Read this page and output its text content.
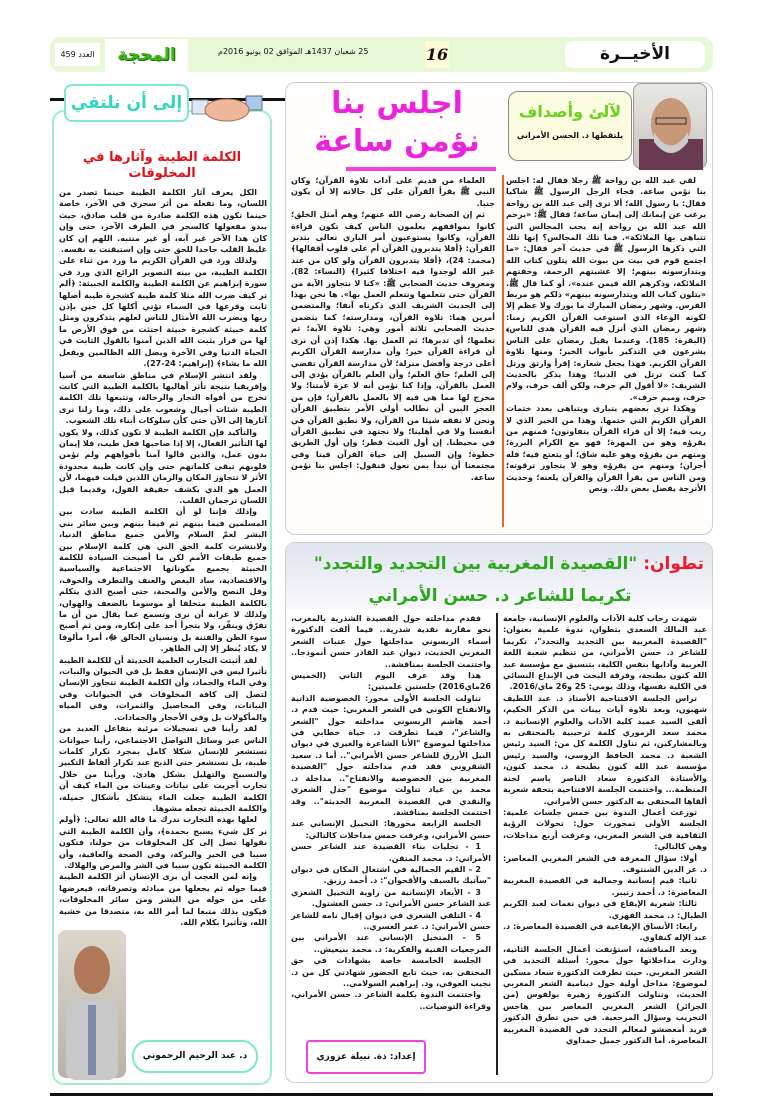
الأخيــرة
16
25 شعبان 1437هـ الموافق 02 يونيو 2016م
المحجة
العدد 459
إلى أن نلتقي
الكلمة الطيبة وآثارها في المخلوقات

الكل يعرف آثار الكلمة الطيبة حينما تصدر من اللسان، وما تفعله من أثر سحري في الآخر، خاصة حينما تكون هذه الكلمة صادرة من قلب صادق، حيث يبدو مفعولها كالسحر في الطرف الآخر، حتى وإن كان هذا الآخر غير آبه، أو غير منتبه. اللهم إن كان غليظ القلب جاحدا للحق حتى وإن استيقنت به نفسه.

ولذلك ورد في القرآن الكريم ما ورد من ثناء على الكلمة الطيبة، من بينه التصوير الرائع الذي ورد في سورة إبراهيم عن الكلمة الطيبة والكلمة الخبيثة: ﴿ألم تر كيف ضرب الله مثلا كلمة طيبة كشجرة طيبة أصلها ثابت وفرعها في السماء تؤتي أكلها كل حين بإذن ربها ويضرب الله الأمثال للناس لعلهم يتذكرون ومثل كلمة خبيثة كشجرة خبيثة اجتثت من فوق الأرض ما لها من قرار يثبت الله الذين آمنوا بالقول الثابت في الحياة الدنيا وفي الآخرة ويضل الله الظالمين ويفعل الله ما يشاء﴾ (إبراهيم: 24-27).

ولقد انتشر الإسلام في مناطق شاسعة من آسيا وإفريقيا نتيجة تأثر أهاليها بالكلمة الطيبة التي كانت تخرج من أفواه التجار والرحالة، وتتبعها تلك الكلمة الطيبة شئات أجيال وشعوب على ذلك، وما زلنا نرى آثارها إلى الآن حتى كأن سلوكات أبناء تلك الشعوب.

والتأكيد فإن الكلمة الطيبة لا تكون كذلك، ولا يكون لها التأثير الفعال، إلا إذا صاحبها فعل طيب، فلا إيمان بدون عمل، والذين قالوا آمنا بأفواههم ولم تؤمن قلوبهم تبقى كلماتهم حتى وإن كانت طيبة محدودة الأثر لا تتجاوز المكان والزمان اللذين قيلت فيهما، لأن العمل هو الذي يكشف حقيقة القول، وقديما قيل اللسان ترجمان القلب.

وإذلك فإننا لو أن الكلمة الطيبة سادت بين المسلمين فيما بينهم ثم فيما بينهم وبين سائر بني البشر لعمّ السلام والأمن جميع مناطق الدنيا، ولانتشرت كلمة الحق التي هي كلمة الإسلام بين جميع طبقات الأمم لكن ما أصبحت السيادة للكلمة الخبيثة بجميع مكوناتها الاجتماعية والسياسية والاقتصادية، ساد البغض والعنف والتطرف والخوف، وقل النصح والأمن والمحبة، حتى أصبح الذي يتكلم بالكلمة الطيبة متخلفا أو موسوما بالضعف والهوان، ولذلك لا غرابة أن نرى وتسمع عما يقال من أن ما تفرّق وينفّر، ولا يتجرأ أحد على إنكاره، ومن ثم أصبح سوء الظن والفتنة بل ونسيان الخالق ﷻ، أمرا مألوفا لا يكاد يُنظر إلا إلى الظاهر.

لقد أثبتت التجارب العلمية الحديثة أن للكلمة الطيبة تأثيرا ليس في الإنسان فقط بل في الحيوان والنبات، وفي الماء والجماد، وأن الكلمة الطيبة تتجاوز الإنسان لتصل إلى كافة المخلوقات في الحيوانات وفي النباتات، وفي المحاصيل والثمرات، وفي المياه والمأكولات بل وفي الأحجار والجمادات.

لقد رأينا في تسجيلات مرئية بتفاعل العديد من الناس عبر وسائل التواصل الاجتماعي، رأينا حيوانات تستشعر للإنسان شكلا كامل بمجرد تكرار كلمات طيبة، بل تستشعر حتى الذبح عند تكرار ألفاظ التكبير والتسبيح والتهليل بشكل هادئ. ورأينا من خلال تجارب أجريت على نباتات وعينات من الماء كيف أن الكلمة الطيبة جعلت الماء يتشكل بأشكال جميلة، والكلمة الخبيثة تجعله مشوها.

لعلها بهذه التجارب ندرك ما قاله الله تعالى: ﴿أولم نر كل شيء يسبح بحمده﴾، وأن الكلمة الطيبة التي نقولها تصل إلى كل المخلوقات من حولنا، فتكون سببا في الخير والبركة، وفي الصحة والعافية، وأن الكلمة الخبيثة تكون سببا في الشر والمرض والهلاك.

وإنه لمن العجب أن يرى الإنسان أثر الكلمة الطيبة فيما حوله ثم يجعلها من مبادئه وتصرفاته، فيعرضها على من حوله من البشر ومن سائر المخلوقات، فيكون بذلك متبعا لما أمر الله به، متصدقا من خشية الله، وتأثيرا بكلام الله.

د. عبد الرحيم الرحموني
لآلئ وأصداف
يلتقطها د. الحسن الأمراني
اجلس بنا نؤمن ساعة

لقي عبد الله بن رواحة ﷺ رجلا فقال له: اجلس بنا نؤمن ساعة. فجاء الرجل الرسول ﷺ شاكيا فقال: يا رسول الله؛ ألا ترى إلى عبد الله بن رواحة يرغب عن إيمانك إلى إيمان ساعة؛ فقال ﷺ: «يرحم الله عبد الله بن رواحة إنه يحب المجالس التي تتباهى بها الملائكة». فما تلك المجالس؟ إنها تلك التي ذكرها الرسول ﷺ في حديث آخر فقال: «ما اجتمع قوم في بيت من بيوت الله يتلون كتاب الله ويتدارسونه بينهم؛ إلا غشيتهم الرحمة، وحفتهم الملائكة، وذكرهم الله فيمن عنده». أو كما قال ﷺ. «يتلون كتاب الله ويتدارسونه بينهم» ذلكم هو مربط الفرس. وشهر رمضان المبارك ما بورك ولا عظم إلا لكونه الوعاء الذي استوعب القرآن الكريم زمنا: ﴿شهر رمضان الذي أنزل فيه القرآن هدى للناس﴾ (البقرة: 185). وعندما يقبل رمضان على الناس يشرعون في التذكير بأبواب الخير؛ ومنها تلاوة القرآن الكريم. فهذا يجعل شعاره: إقرأ وارتق ورتل كما كنت ترتل في الدنيا؛ وهذا يذكر بالحديث الشريف: «لا أقول الم حرف، ولكن ألف حرف، ولام حرف، وميم حرف».

وهكذا ترى بعضهم يتبارى ويتباهى بعدد ختمات القرآن الكريم التي ختمها. وهذا من الخير الذي لا ريب فيه؛ إلا أن قراء القرآن يتفاوتون؛ فمنهم من يقرؤه وهو من المهرة؛ فهو مع الكرام البررة؛ ومنهم من يقرؤه وهو عليه شاق؛ أو يتعتع فيه؛ فله أجران؛ ومنهم من يقرؤه وهو لا يتجاوز ترقوته؛ ومن الناس من يقرأ القرآن والقرآن يلعنه؛ وحديث الأترجة يفصل بعض ذلك. ونص

العلماء من قديم على آداب تلاوة القرآن؛ وكان النبي ﷺ يقرأ القرآن على كل حالاته إلا أن يكون جنبا.

ثم إن الصحابة رضي الله عنهم؛ وهم أمثل الخلق؛ كانوا بمواقفهم يعلمون الناس كيف تكون قراءة القرآن، وكانوا يستوعبون أمر الباري تعالى بتدبر القرآن: ﴿أفلا يتدبرون القرآن أم على قلوب أقفالها﴾ (محمد: 24)، ﴿أفلا يتدبرون القرآن ولو كان من عند غير الله لوجدوا فيه اختلافا كثيرا﴾ (النساء: 82). ومعروف حديث الصحابي ﷺ: «كنا لا نتجاوز الآية من القرآن حتى نتعلمها ونتعلم العمل بها». ها نحن بهذا إلى الحديث الشريف الذي ذكرناه آنفا؛ والمتضمن أمرين هما: تلاوة القرآن، ومدارسته؛ كما يتضمن حديث الصحابي ثلاثة أمور وهي: تلاوة الآية؛ ثم تعلمها؛ أي تدبرها؛ ثم العمل بها. هكذا إذن أن نرى أن قراءة القرآن خير؛ وأن مدارسة القرآن الكريم أعلى درجة وأفضل منزلة؛ لأن مدارسة القرآن تفضي إلى العلم؛ حاق العلم؛ وأن العلم بالقرآن يؤدي إلى العمل بالقرآن. وإذا كنا نؤمن أنه لا عزة لأمتنا؛ ولا مخرج لها مما هي فيه إلا بالعمل بالقرآن؛ فإن من العجز البين أن نطالب أولي الأمر بتطبيق القرآن ونحن لا نفقه شيئا من القرآن، ولا نطبق القرآن في أنفسنا ولا في أهلينا؛ ولا نجتهد في تطبيق القرآن في محيطنا. إن أول الغيث قطر؛ وإن أول الطريق خطوة؛ وإن السبيل إلى حياة القرآن فينا وفي مجتمعنا أن نبدأ بمن نعول فنقول: اجلس بنا نؤمن ساعة.

تطوان:
"القصيدة المغربية بين التجديد والتجدد"
تكريما للشاعر د. حسن الأمراني

شهدت رحاب كلية الآداب والعلوم الإنسانية، جامعة عبد المالك السعدي بتطوان، ندوة علمية بعنوان: "القصيدة المغربية بين التجديد والتجدد"، تكريما للشاعر د. حسن الأمراني، من تنظيم شعبة اللغة العربية وآدابها بنفس الكلية، بتنسيق مع مؤسسة عبد الله كنون بطنجة، وفرقة البحث في الإبداع النسائي في الكلية نفسها، وذلك يومي: 25 و26 ماي/2016.

تراس الجلسة الافتتاحية الأستاذ د. عبد اللطيف شهبون، وبعد تلاوة آيات بينات من الذكر الحكيم، ألقى السيد عميد كلية الآداب والعلوم الإنسانية د. محمد سعد الزموري كلمة ترحيبية بالمحتفى به وبالمشاركين، ثم تناول الكلمة كل من: السيد رئيس الشعبة د. محمد الحافظ الروسي، والسيد رئيس مؤسسة عبد الله كنون بطنجة د. محمد كنون، والأستاذة الدكتورة سعاد الناصر باسم لجنة المنظمة... واختتمت الجلسة الافتتاحية بتحفة شعرية ألقاها المحتفى به الدكتور حسن الأمراني.

توزعت أعمال الندوة بين خمس جلسات علمية: الجلسة الأولى تمحورت حول: تحولات الرؤية الثقافية في الشعر المغربي، وعرفت أربع مداخلات، وهي كالتالي:

أولا: سؤال المعرفة في الشعر المغربي المعاصر: د. عز الدين الشنتوف.

ثانيا: قيم إنسانية وجمالية في القصيدة المغربية المعاصرة: د. أحمد زنيبر.

ثالثا: شعرية الإيقاع في ديوان نغمات لعبد الكريم الطبال: د. محمد الفهري.

رابعا: الأنساق الإيقاعية في القصيدة المعاصرة: د. عبد الإله كنفاوي.

وبعد المناقشة، استؤنفت أعمال الجلسة الثانية، ودارت مداخلاتها حول محور: أسئلة التجديد في الشعر المغربي. حيث تطرقت الدكتورة سعاد مسكين لموضوع: مداخل أولية حول دينامية الشعر المغربي الحديث، وتناولت الدكتورة زهيرة بولفوس (من الجزائر) الشعر المغربي المعاصر بين هاجس التجريب وسؤال المرجعية. في حين تطرق الدكتور فريد أمعضشو لمعالم التجدد في القصيدة المغربية المعاصرة. أما الدكتور جميل حمداوي

فقدم مداخلته حول القصيدة الشذرية بالمغرب، نحو مقاربة نقدية شذرية.. فيما ألقت الدكتورة أسماء الريسوني مداخلتها حول عتبات الشعر المغربي الحديث، ديوان عبد القادر حسن أنموذجا.. واختتمت الجلسة بمناقشة..

هذا وقد عرف اليوم الثاني (الخميس 26ماي2016) جلستين علميتين:

تناولت الجلسة الأولى محور: الخصوصية الذاتية والانفتاح الكوني في الشعر المغربي: حيث قدم د. أحمد هاشم الريسوني مداخلته حول "الشعر والشاعر"، فيما تطرقت د. حياة خطابي في مداخلتها لموضوع "الأنا الشاعرة والغيري في ديوان النيل الأزرق للشاعر حسن الأمراني".. أما د. سعيد الشقروني فقد قدم مداخلته حول "القصيدة المغربية بين الخصوصية والانفتاح".. مداخلة د. محمد بن عياد تناولت موضوع "جدل الشعري والنقدي في القصيدة المغربية الحديثة".. وقد اختتمت الجلسة بمناقشة.

الجلسة الرابعة محورها: التخييل الإنساني عند حسن الأمراني، وعرفت خمس مداخلات كالتالي:

1 - تجليات بناء القصيدة عند الشاعر حسن الأمراني: د. محمد المتقن.

2 - القيم الجمالية في اشتغال المكان في ديوان "سآتيك بالسيف والأقحوان": د. أحمد رزيق.

3 - الأبعاد الإنسانية من زاوية التخييل الشعري عند الشاعر حسن الأمراني: د. حسن الغشتول.

4 - التلقي الشعري في ديوان إقبال نامه للشاعر حسن الأمراني: د. عمر العسري..

5 - المتخيل الإنساني عند الأمراني بين المرجعيات الفنية والفكرية: د. محمد بنيعيش..

الجلسة الخامسة خاصة بشهادات في حق المحتفى به، حيث تابع الحضور شهادتي كل من د. نجيب العوفي، ود. إبراهيم السولامي..

واختتمت الندوة بكلمة الشاعر د. حسن الأمراني، وقراءة التوصيات..

إعداد: ذة. نبيلة عزوزي
